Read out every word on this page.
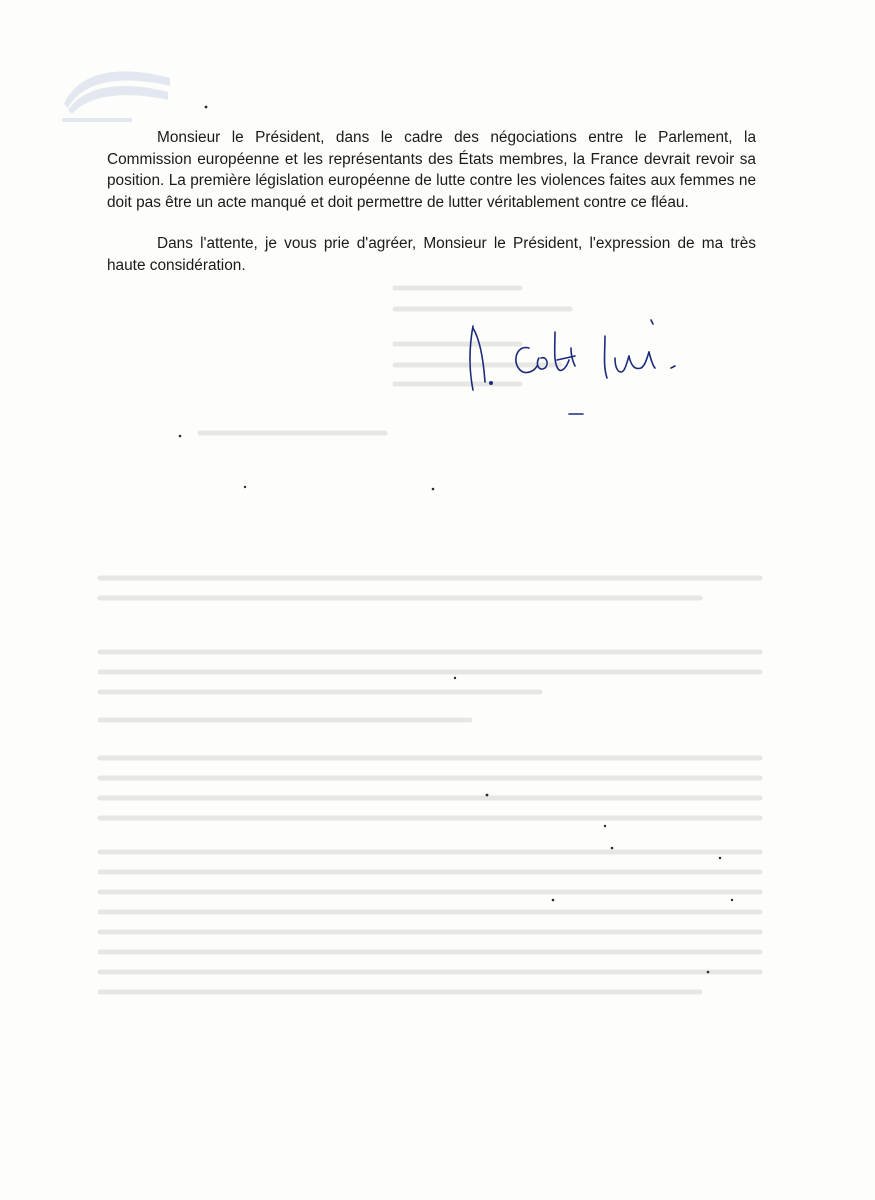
Monsieur le Président, dans le cadre des négociations entre le Parlement, la Commission européenne et les représentants des États membres, la France devrait revoir sa position. La première législation européenne de lutte contre les violences faites aux femmes ne doit pas être un acte manqué et doit permettre de lutter véritablement contre ce fléau.

Dans l'attente, je vous prie d'agréer, Monsieur le Président, l'expression de ma très haute considération.
